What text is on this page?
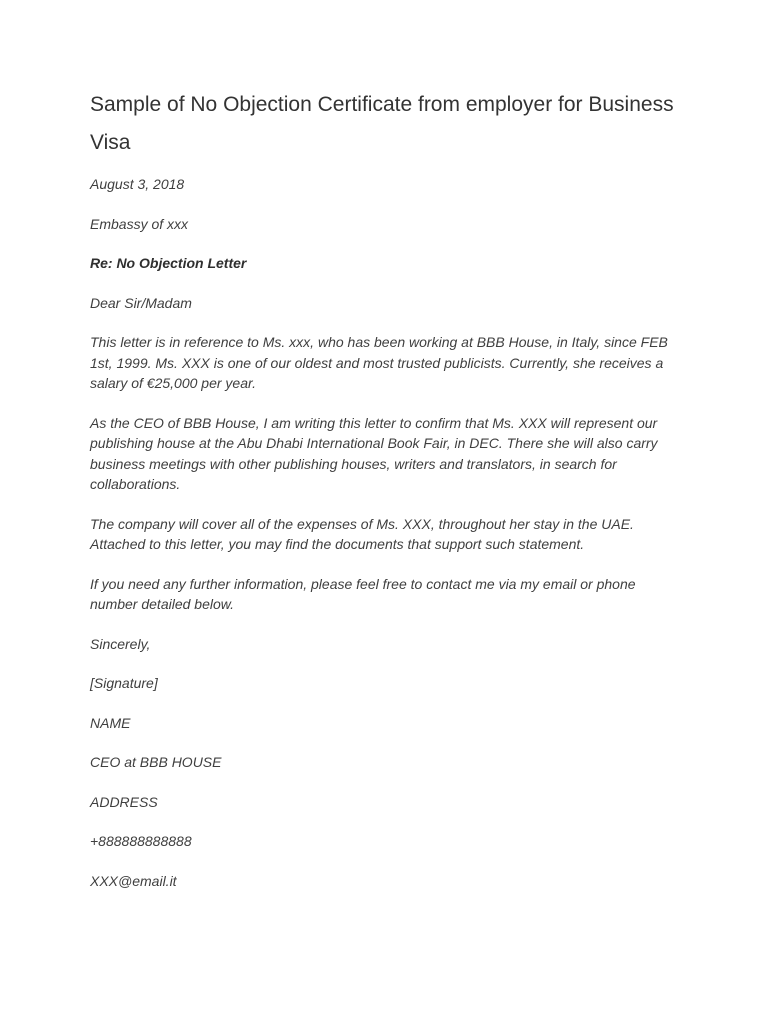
Sample of No Objection Certificate from employer for Business Visa

August 3, 2018

Embassy of xxx

Re: No Objection Letter

Dear Sir/Madam

This letter is in reference to Ms. xxx, who has been working at BBB House, in Italy, since FEB 1st, 1999. Ms. XXX is one of our oldest and most trusted publicists. Currently, she receives a salary of €25,000 per year.

As the CEO of BBB House, I am writing this letter to confirm that Ms. XXX will represent our publishing house at the Abu Dhabi International Book Fair, in DEC. There she will also carry business meetings with other publishing houses, writers and translators, in search for collaborations.

The company will cover all of the expenses of Ms. XXX, throughout her stay in the UAE. Attached to this letter, you may find the documents that support such statement.

If you need any further information, please feel free to contact me via my email or phone number detailed below.

Sincerely,

[Signature]

NAME

CEO at BBB HOUSE

ADDRESS

+888888888888

XXX@email.it
